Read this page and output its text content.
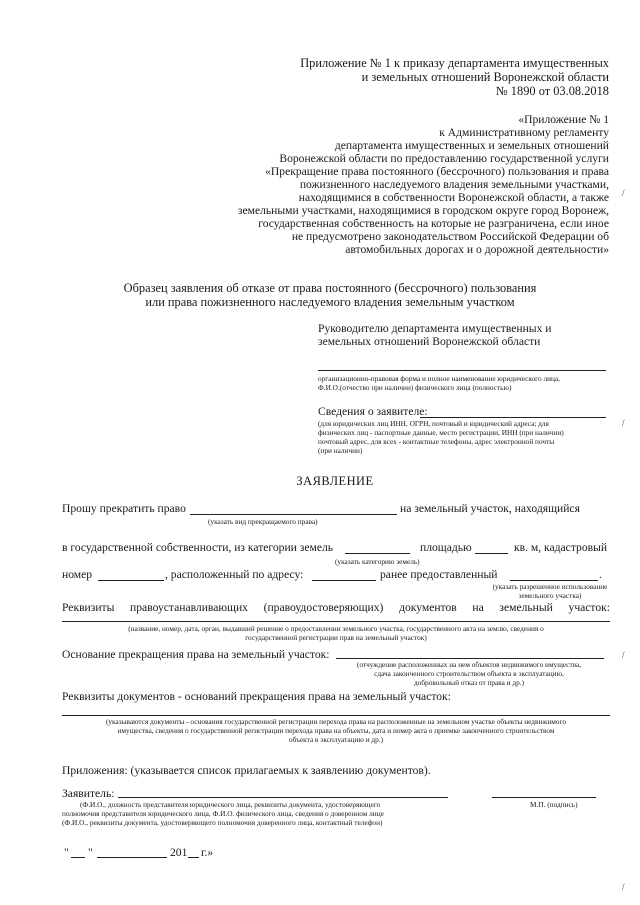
Приложение № 1 к приказу департамента имущественных
и земельных отношений Воронежской области
№ 1890 от 03.08.2018
«Приложение № 1
к Административному регламенту
департамента имущественных и земельных отношений
Воронежской области по предоставлению государственной услуги
«Прекращение права постоянного (бессрочного) пользования и права
пожизненного наследуемого владения земельными участками,
находящимися в собственности Воронежской области, а также
земельными участками, находящимися в городском округе город Воронеж,
государственная собственность на которые не разграничена, если иное
не предусмотрено законодательством Российской Федерации об
автомобильных дорогах и о дорожной деятельности»
Образец заявления об отказе от права постоянного (бессрочного) пользования
или права пожизненного наследуемого владения земельным участком
Руководителю департамента имущественных и
земельных отношений Воронежской области
организационно-правовая форма и полное наименование юридического лица,
Ф.И.О.(отчество при наличии) физического лица (полностью)
Сведения о заявителе:
(для юридических лиц ИНН, ОГРН, почтовый и юридический адреса; для
физических лиц - паспортные данные, место регистрации, ИНН (при наличии)
почтовый адрес, для всех - контактные телефоны, адрес электронной почты
(при наличии)
ЗАЯВЛЕНИЕ
Прошу прекратить право	на земельный участок, находящийся
(указать вид прекращаемого права)
в государственной собственности, из категории земель	площадью	кв. м, кадастровый
(указать категорию земель)
номер	, расположенный по адресу:	ранее предоставленный	.
(указать разрешенное использование
земельного участка)
Реквизиты правоустанавливающих (правоудостоверяющих) документов на земельный участок:
(название, номер, дата, орган, выдавший решение о предоставлении земельного участка, государственного акта на землю, сведения о
государственной регистрации прав на земельный участок)
Основание прекращения права на земельный участок:
(отчуждение расположенных на нем объектов недвижимого имущества,
сдача законченного строительством объекта в эксплуатацию,
добровольный отказ от права и др.)
Реквизиты документов - оснований прекращения права на земельный участок:
(указываются документы - основания государственной регистрации перехода права на расположенные на земельном участке объекты недвижимого
имущества, сведения о государственной регистрации перехода права на объекты, дата и номер акта о приемке законченного строительством
объекта в эксплуатацию и др.)
Приложения: (указывается список прилагаемых к заявлению документов).
Заявитель:
(Ф.И.О., должность представителя юридического лица, реквизиты документа, удостоверяющего
полномочия представителя юридического лица, Ф.И.О. физического лица, сведения о доверенном лице
(Ф.И.О., реквизиты документа, удостоверяющего полномочия доверенного лица, контактный телефон)
М.П. (подпись)
" "	201 г.»
/
/
/
/
